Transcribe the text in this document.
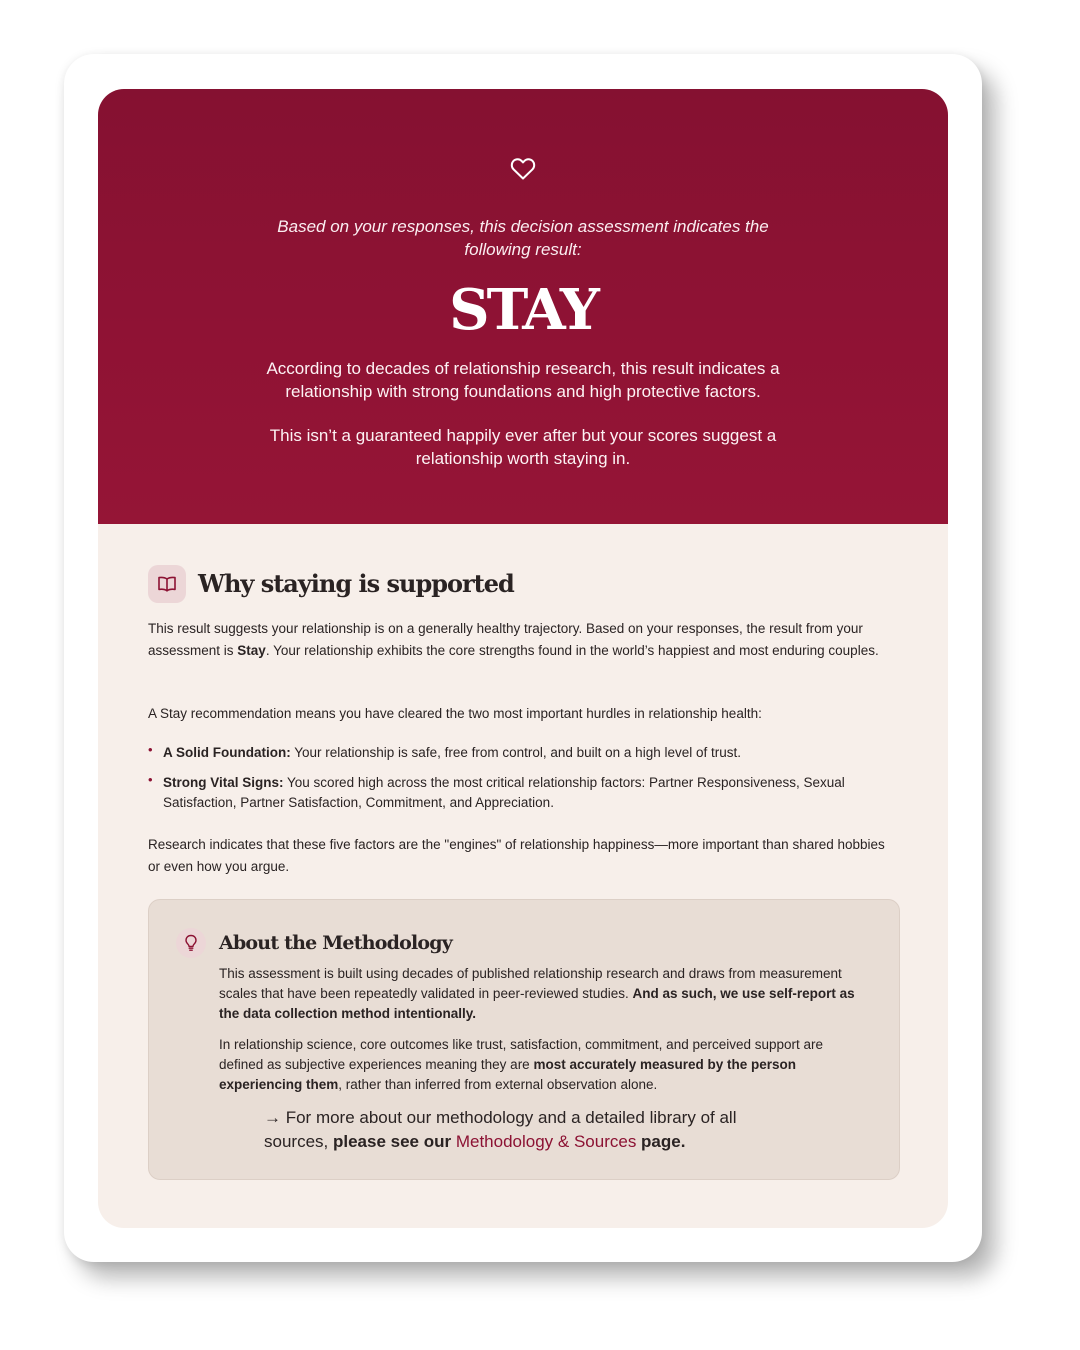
Based on your responses, this decision assessment indicates the following result:
STAY
According to decades of relationship research, this result indicates a relationship with strong foundations and high protective factors.
This isn’t a guaranteed happily ever after but your scores suggest a relationship worth staying in.
Why staying is supported

This result suggests your relationship is on a generally healthy trajectory. Based on your responses, the result from your assessment is Stay. Your relationship exhibits the core strengths found in the world’s happiest and most enduring couples.

A Stay recommendation means you have cleared the two most important hurdles in relationship health:

• A Solid Foundation: Your relationship is safe, free from control, and built on a high level of trust.
• Strong Vital Signs: You scored high across the most critical relationship factors: Partner Responsiveness, Sexual Satisfaction, Partner Satisfaction, Commitment, and Appreciation.

Research indicates that these five factors are the "engines" of relationship happiness—more important than shared hobbies or even how you argue.

About the Methodology

This assessment is built using decades of published relationship research and draws from measurement scales that have been repeatedly validated in peer-reviewed studies. And as such, we use self-report as the data collection method intentionally.

In relationship science, core outcomes like trust, satisfaction, commitment, and perceived support are defined as subjective experiences meaning they are most accurately measured by the person experiencing them, rather than inferred from external observation alone.

→ For more about our methodology and a detailed library of all sources, please see our Methodology & Sources page.
